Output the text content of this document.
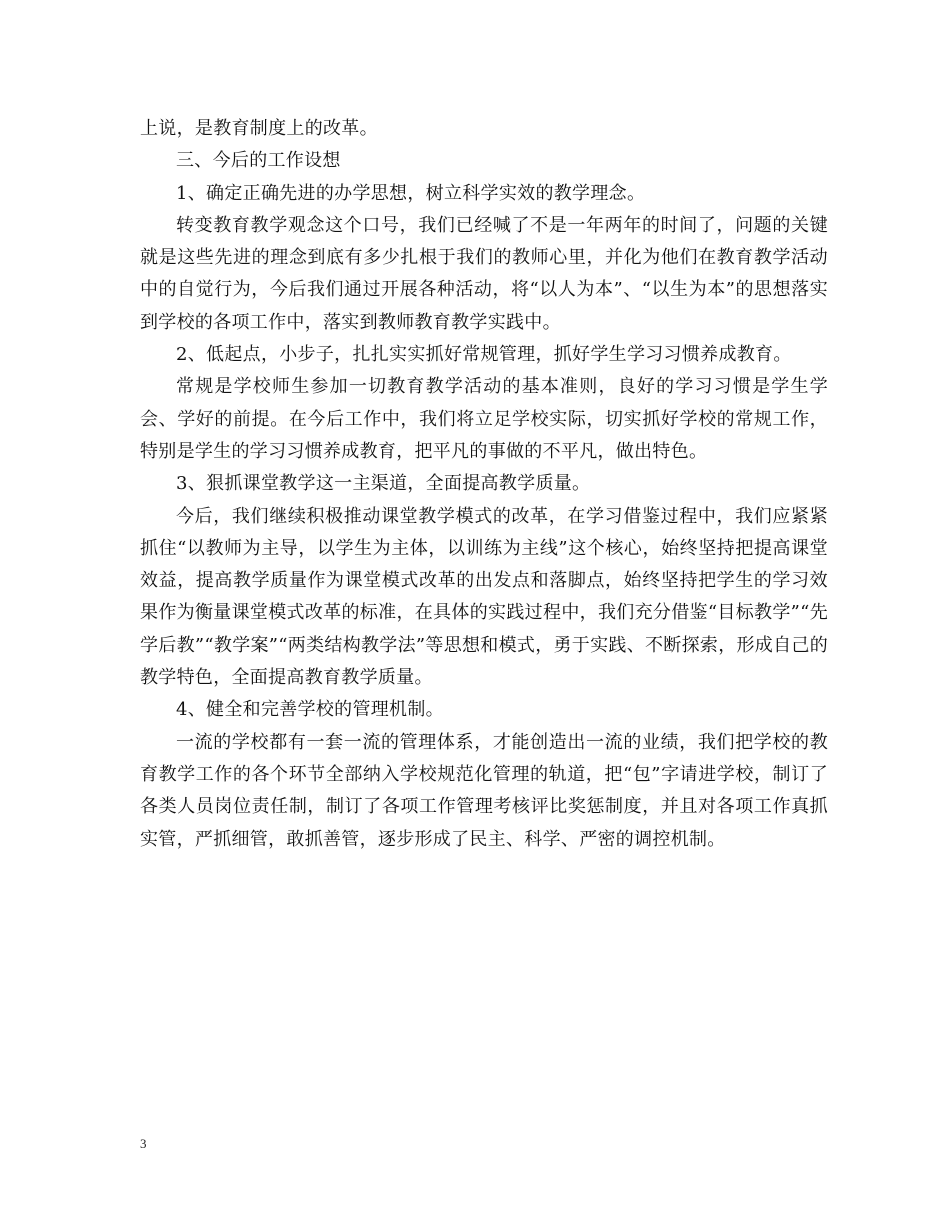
上说，是教育制度上的改革。

三、今后的工作设想

1、确定正确先进的办学思想，树立科学实效的教学理念。

转变教育教学观念这个口号，我们已经喊了不是一年两年的时间了，问题的关键就是这些先进的理念到底有多少扎根于我们的教师心里，并化为他们在教育教学活动中的自觉行为，今后我们通过开展各种活动，将“以人为本”、“以生为本”的思想落实到学校的各项工作中，落实到教师教育教学实践中。

2、低起点，小步子，扎扎实实抓好常规管理，抓好学生学习习惯养成教育。

常规是学校师生参加一切教育教学活动的基本准则，良好的学习习惯是学生学会、学好的前提。在今后工作中，我们将立足学校实际，切实抓好学校的常规工作，特别是学生的学习习惯养成教育，把平凡的事做的不平凡，做出特色。

3、狠抓课堂教学这一主渠道，全面提高教学质量。

今后，我们继续积极推动课堂教学模式的改革，在学习借鉴过程中，我们应紧紧抓住“以教师为主导，以学生为主体，以训练为主线”这个核心，始终坚持把提高课堂效益，提高教学质量作为课堂模式改革的出发点和落脚点，始终坚持把学生的学习效果作为衡量课堂模式改革的标准，在具体的实践过程中，我们充分借鉴“目标教学”“先学后教”“教学案”“两类结构教学法”等思想和模式，勇于实践、不断探索，形成自己的教学特色，全面提高教育教学质量。

4、健全和完善学校的管理机制。

一流的学校都有一套一流的管理体系，才能创造出一流的业绩，我们把学校的教育教学工作的各个环节全部纳入学校规范化管理的轨道，把“包”字请进学校，制订了各类人员岗位责任制，制订了各项工作管理考核评比奖惩制度，并且对各项工作真抓实管，严抓细管，敢抓善管，逐步形成了民主、科学、严密的调控机制。

3
